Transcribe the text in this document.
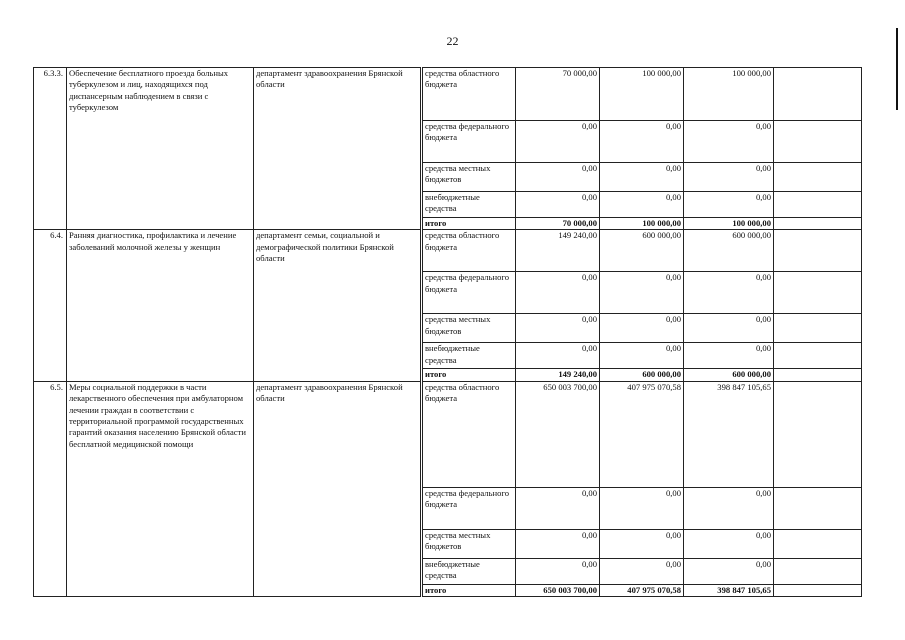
22
6.3.3.	Обеспечение бесплатного проезда больных туберкулезом и лиц, находящихся под диспансерным наблюдением в связи с туберкулезом	департамент здравоохранения Брянской области	средства областного бюджета	70 000,00	100 000,00	100 000,00	
			средства федерального бюджета	0,00	0,00	0,00	
			средства местных бюджетов	0,00	0,00	0,00	
			внебюджетные средства	0,00	0,00	0,00	
			итого	70 000,00	100 000,00	100 000,00	
6.4.	Ранняя диагностика, профилактика и лечение заболеваний молочной железы у женщин	департамент семьи, социальной и демографической политики Брянской области	средства областного бюджета	149 240,00	600 000,00	600 000,00	
			средства федерального бюджета	0,00	0,00	0,00	
			средства местных бюджетов	0,00	0,00	0,00	
			внебюджетные средства	0,00	0,00	0,00	
			итого	149 240,00	600 000,00	600 000,00	
6.5.	Меры социальной поддержки в части лекарственного обеспечения при амбулаторном лечении граждан в соответствии с территориальной программой государственных гарантий оказания населению Брянской области бесплатной медицинской помощи	департамент здравоохранения Брянской области	средства областного бюджета	650 003 700,00	407 975 070,58	398 847 105,65	
			средства федерального бюджета	0,00	0,00	0,00	
			средства местных бюджетов	0,00	0,00	0,00	
			внебюджетные средства	0,00	0,00	0,00	
			итого	650 003 700,00	407 975 070,58	398 847 105,65	
